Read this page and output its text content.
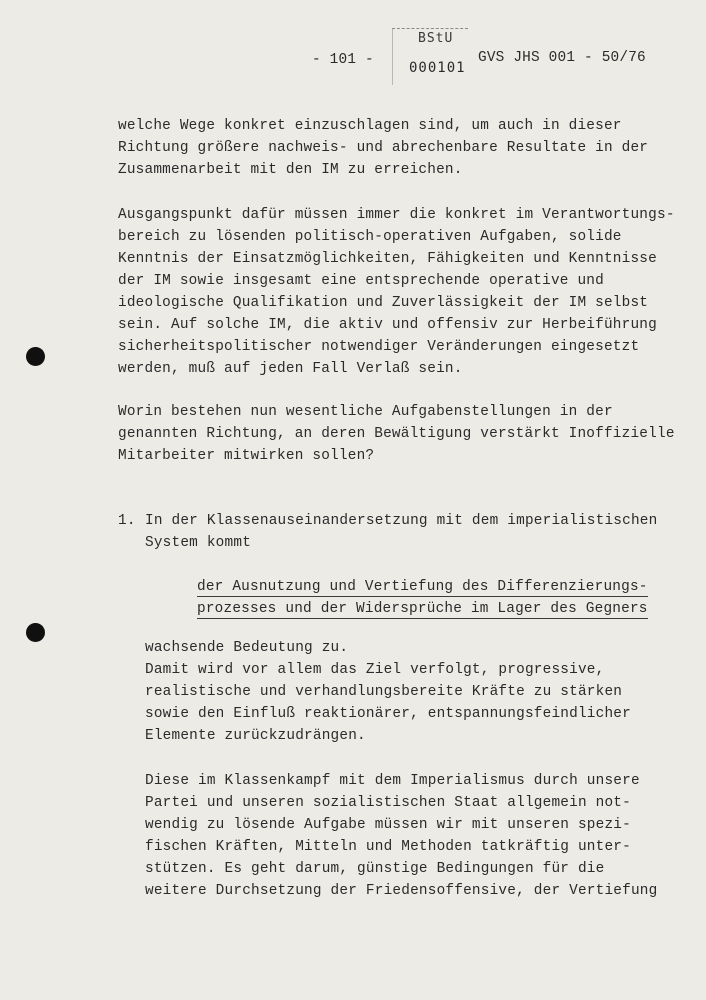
- 101 -
BStU
000101
GVS JHS 001 - 50/76
welche Wege konkret einzuschlagen sind, um auch in dieser
Richtung größere nachweis- und abrechenbare Resultate in der
Zusammenarbeit mit den IM zu erreichen.
Ausgangspunkt dafür müssen immer die konkret im Verantwortungs-
bereich zu lösenden politisch-operativen Aufgaben, solide
Kenntnis der Einsatzmöglichkeiten, Fähigkeiten und Kenntnisse
der IM sowie insgesamt eine entsprechende operative und
ideologische Qualifikation und Zuverlässigkeit der IM selbst
sein. Auf solche IM, die aktiv und offensiv zur Herbeiführung
sicherheitspolitischer notwendiger Veränderungen eingesetzt
werden, muß auf jeden Fall Verlaß sein.
Worin bestehen nun wesentliche Aufgabenstellungen in der
genannten Richtung, an deren Bewältigung verstärkt Inoffizielle
Mitarbeiter mitwirken sollen?
1. In der Klassenauseinandersetzung mit dem imperialistischen
System kommt
der Ausnutzung und Vertiefung des Differenzierungs-
prozesses und der Widersprüche im Lager des Gegners
wachsende Bedeutung zu.
Damit wird vor allem das Ziel verfolgt, progressive,
realistische und verhandlungsbereite Kräfte zu stärken
sowie den Einfluß reaktionärer, entspannungsfeindlicher
Elemente zurückzudrängen.
Diese im Klassenkampf mit dem Imperialismus durch unsere
Partei und unseren sozialistischen Staat allgemein not-
wendig zu lösende Aufgabe müssen wir mit unseren spezi-
fischen Kräften, Mitteln und Methoden tatkräftig unter-
stützen. Es geht darum, günstige Bedingungen für die
weitere Durchsetzung der Friedensoffensive, der Vertiefung
